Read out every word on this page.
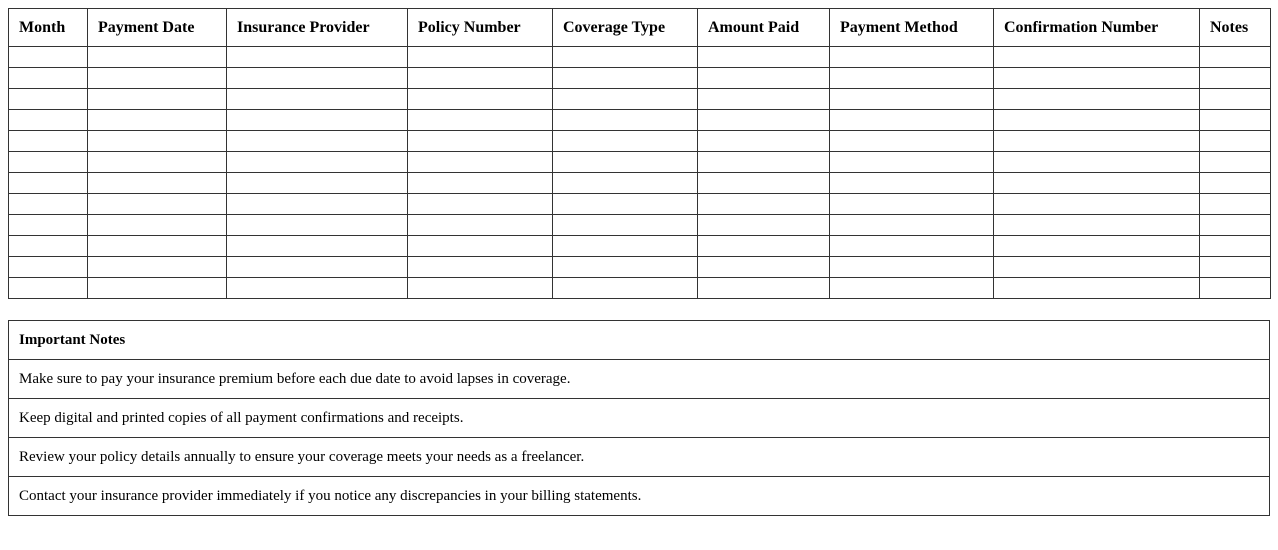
Month	Payment Date	Insurance Provider	Policy Number	Coverage Type	Amount Paid	Payment Method	Confirmation Number	Notes

Important Notes
Make sure to pay your insurance premium before each due date to avoid lapses in coverage.
Keep digital and printed copies of all payment confirmations and receipts.
Review your policy details annually to ensure your coverage meets your needs as a freelancer.
Contact your insurance provider immediately if you notice any discrepancies in your billing statements.
